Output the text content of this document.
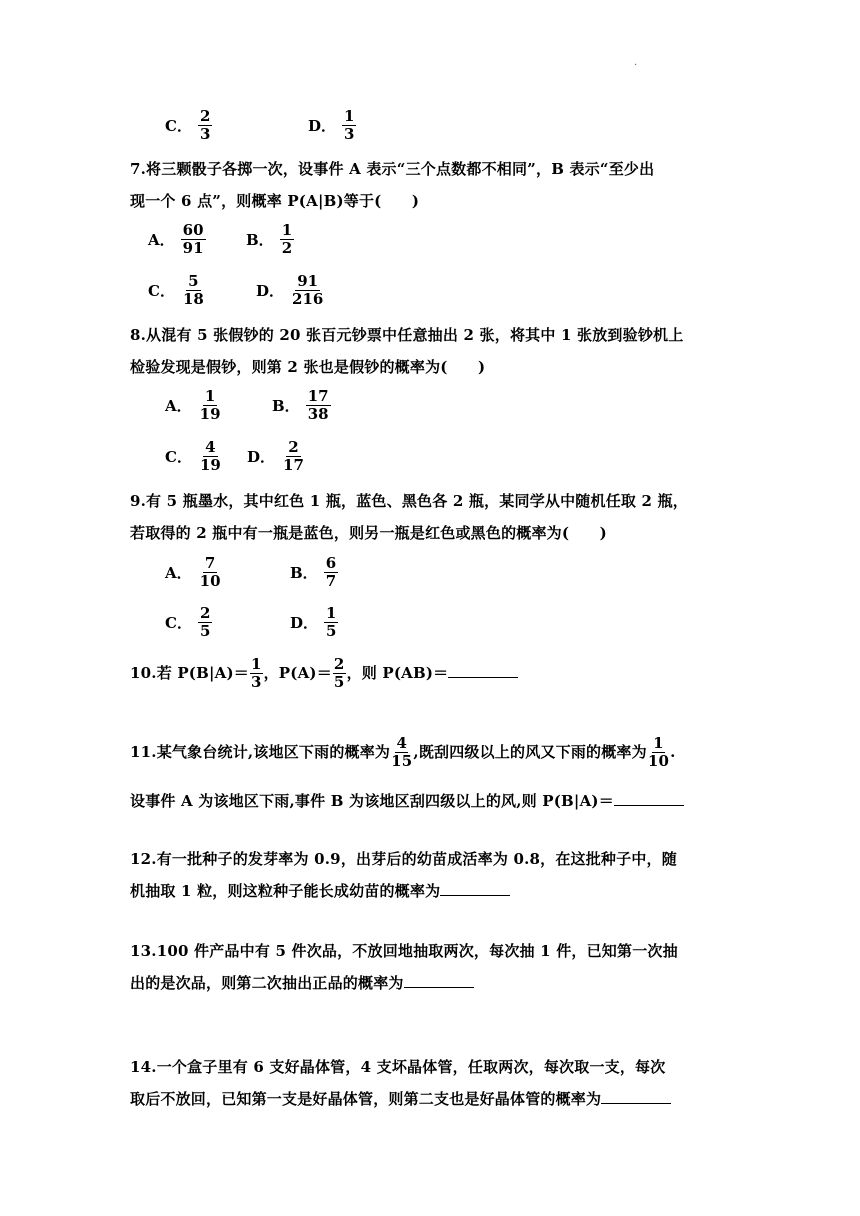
·
C． $\frac{2}{3}$	D． $\frac{1}{3}$
7.将三颗骰子各掷一次，设事件 A 表示“三个点数都不相同”，B 表示“至少出
现一个 6 点”，则概率 P(A|B)等于(　　)
A． $\frac{60}{91}$	B． $\frac{1}{2}$
C． $\frac{5}{18}$	D． $\frac{91}{216}$
8.从混有 5 张假钞的 20 张百元钞票中任意抽出 2 张，将其中 1 张放到验钞机上
检验发现是假钞，则第 2 张也是假钞的概率为(　　)
A． $\frac{1}{19}$	B． $\frac{17}{38}$
C． $\frac{4}{19}$ D． $\frac{2}{17}$
9.有 5 瓶墨水，其中红色 1 瓶，蓝色、黑色各 2 瓶，某同学从中随机任取 2 瓶，
若取得的 2 瓶中有一瓶是蓝色，则另一瓶是红色或黑色的概率为(　　)
A． $\frac{7}{10}$	B． $\frac{6}{7}$
C． $\frac{2}{5}$	D． $\frac{1}{5}$
10.若 $P(B|A)= \frac{1}{3}$ ，$P(A)= \frac{2}{5}$ ，则 P(AB)＝
11.某气象台统计,该地区下雨的概率为 $\frac{4}{15}$ ,既刮四级以上的风又下雨的概率为 $\frac{1}{10}$ .
设事件 A 为该地区下雨,事件 B 为该地区刮四级以上的风,则 P(B|A)＝
12.有一批种子的发芽率为 0.9，出芽后的幼苗成活率为 0.8，在这批种子中，随
机抽取 1 粒，则这粒种子能长成幼苗的概率为
13.100 件产品中有 5 件次品，不放回地抽取两次，每次抽 1 件，已知第一次抽
出的是次品，则第二次抽出正品的概率为
14.一个盒子里有 6 支好晶体管，4 支坏晶体管，任取两次，每次取一支，每次
取后不放回，已知第一支是好晶体管，则第二支也是好晶体管的概率为
